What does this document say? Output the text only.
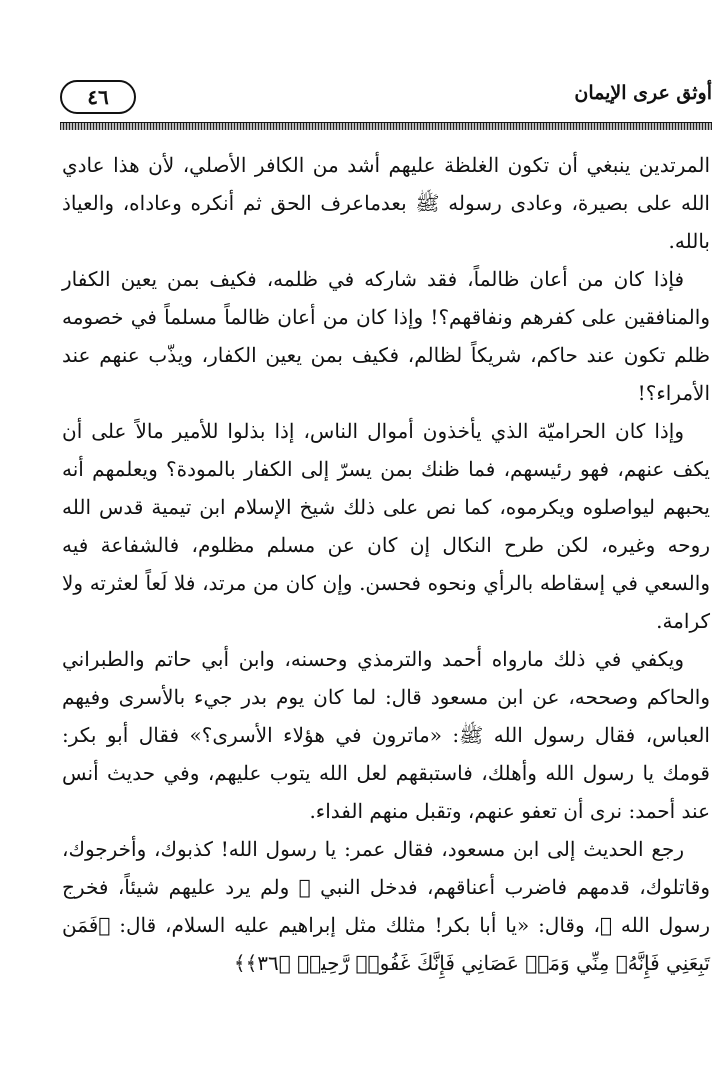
٤٦	أوثق عرى الإيمان

المرتدين ينبغي أن تكون الغلظة عليهم أشد من الكافر الأصلي، لأن هذا عادي الله على بصيرة، وعادى رسوله ﷺ بعدماعرف الحق ثم أنكره وعاداه، والعياذ بالله.

فإذا كان من أعان ظالماً، فقد شاركه في ظلمه، فكيف بمن يعين الكفار والمنافقين على كفرهم ونفاقهم؟! وإذا كان من أعان ظالماً مسلماً في خصومه ظلم تكون عند حاكم، شريكاً لظالم، فكيف بمن يعين الكفار، ويذّب عنهم عند الأمراء؟!

وإذا كان الحراميّة الذي يأخذون أموال الناس، إذا بذلوا للأمير مالاً على أن يكف عنهم، فهو رئيسهم، فما ظنك بمن يسرّ إلى الكفار بالمودة؟ ويعلمهم أنه يحبهم ليواصلوه ويكرموه، كما نص على ذلك شيخ الإسلام ابن تيمية قدس الله روحه وغيره، لكن طرح النكال إن كان عن مسلم مظلوم، فالشفاعة فيه والسعي في إسقاطه بالرأي ونحوه فحسن. وإن كان من مرتد، فلا لَعاً لعثرته ولا كرامة.

ويكفي في ذلك مارواه أحمد والترمذي وحسنه، وابن أبي حاتم والطبراني والحاكم وصححه، عن ابن مسعود قال: لما كان يوم بدر جيء بالأسرى وفيهم العباس، فقال رسول الله ﷺ: «ماترون في هؤلاء الأسرى؟» فقال أبو بكر: قومك يا رسول الله وأهلك، فاستبقهم لعل الله يتوب عليهم، وفي حديث أنس عند أحمد: نرى أن تعفو عنهم، وتقبل منهم الفداء.

رجع الحديث إلى ابن مسعود، فقال عمر: يا رسول الله! كذبوك، وأخرجوك، وقاتلوك، قدمهم فاضرب أعناقهم، فدخل النبي ﷺ ولم يرد عليهم شيئاً، فخرج رسول الله ﷺ، وقال: «يا أبا بكر! مثلك مثل إبراهيم عليه السلام، قال: ﴿فَمَن تَبِعَنِي فَإِنَّهُۥ مِنِّي وَمَنۡ عَصَانِي فَإِنَّكَ غَفُورٞ رَّحِيمٞ ﴿٣٦﴾﴾
